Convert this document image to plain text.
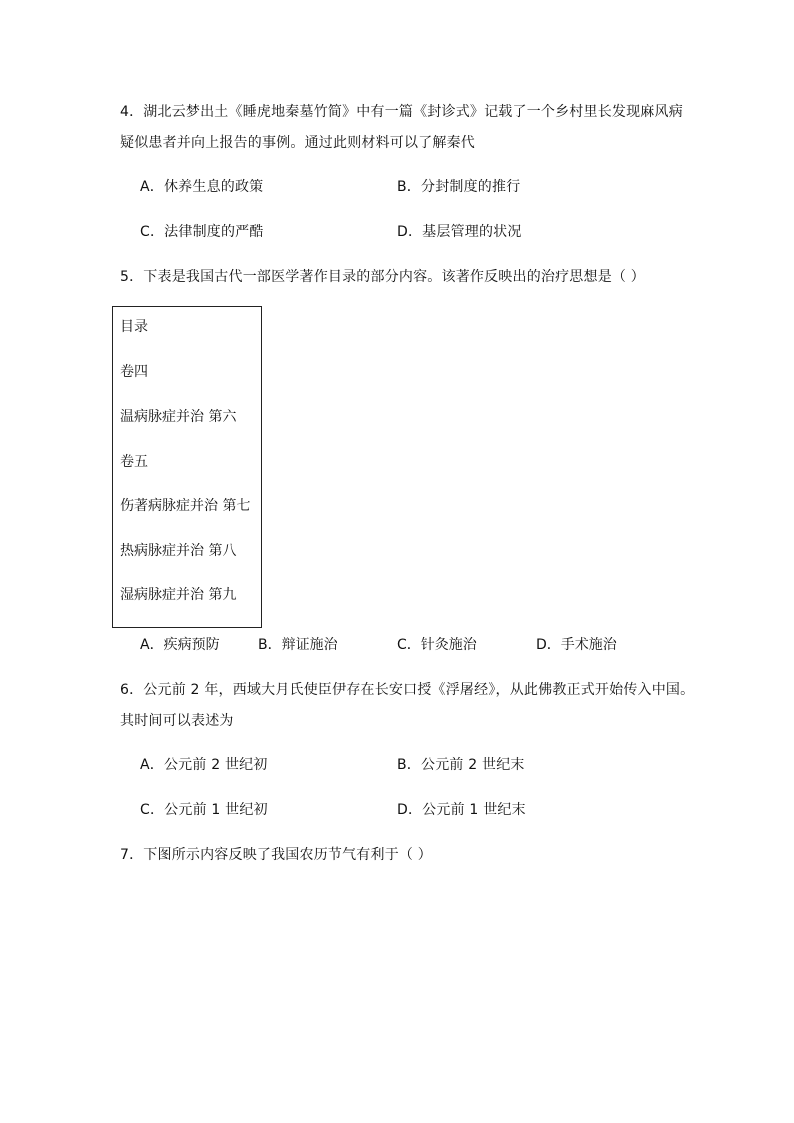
4．湖北云梦出土《睡虎地秦墓竹简》中有一篇《封诊式》记载了一个乡村里长发现麻风病
疑似患者并向上报告的事例。通过此则材料可以了解秦代
A．休养生息的政策	B．分封制度的推行
C．法律制度的严酷	D．基层管理的状况
5．下表是我国古代一部医学著作目录的部分内容。该著作反映出的治疗思想是（ ）
目录
卷四
温病脉症并治 第六
卷五
伤著病脉症并治 第七
热病脉症并治 第八
湿病脉症并治 第九
A．疾病预防	B．辩证施治	C．针灸施治	D．手术施治
6．公元前 2 年，西域大月氏使臣伊存在长安口授《浮屠经》，从此佛教正式开始传入中国。
其时间可以表述为
A．公元前 2 世纪初	B．公元前 2 世纪末
C．公元前 1 世纪初	D．公元前 1 世纪末
7．下图所示内容反映了我国农历节气有利于（ ）
